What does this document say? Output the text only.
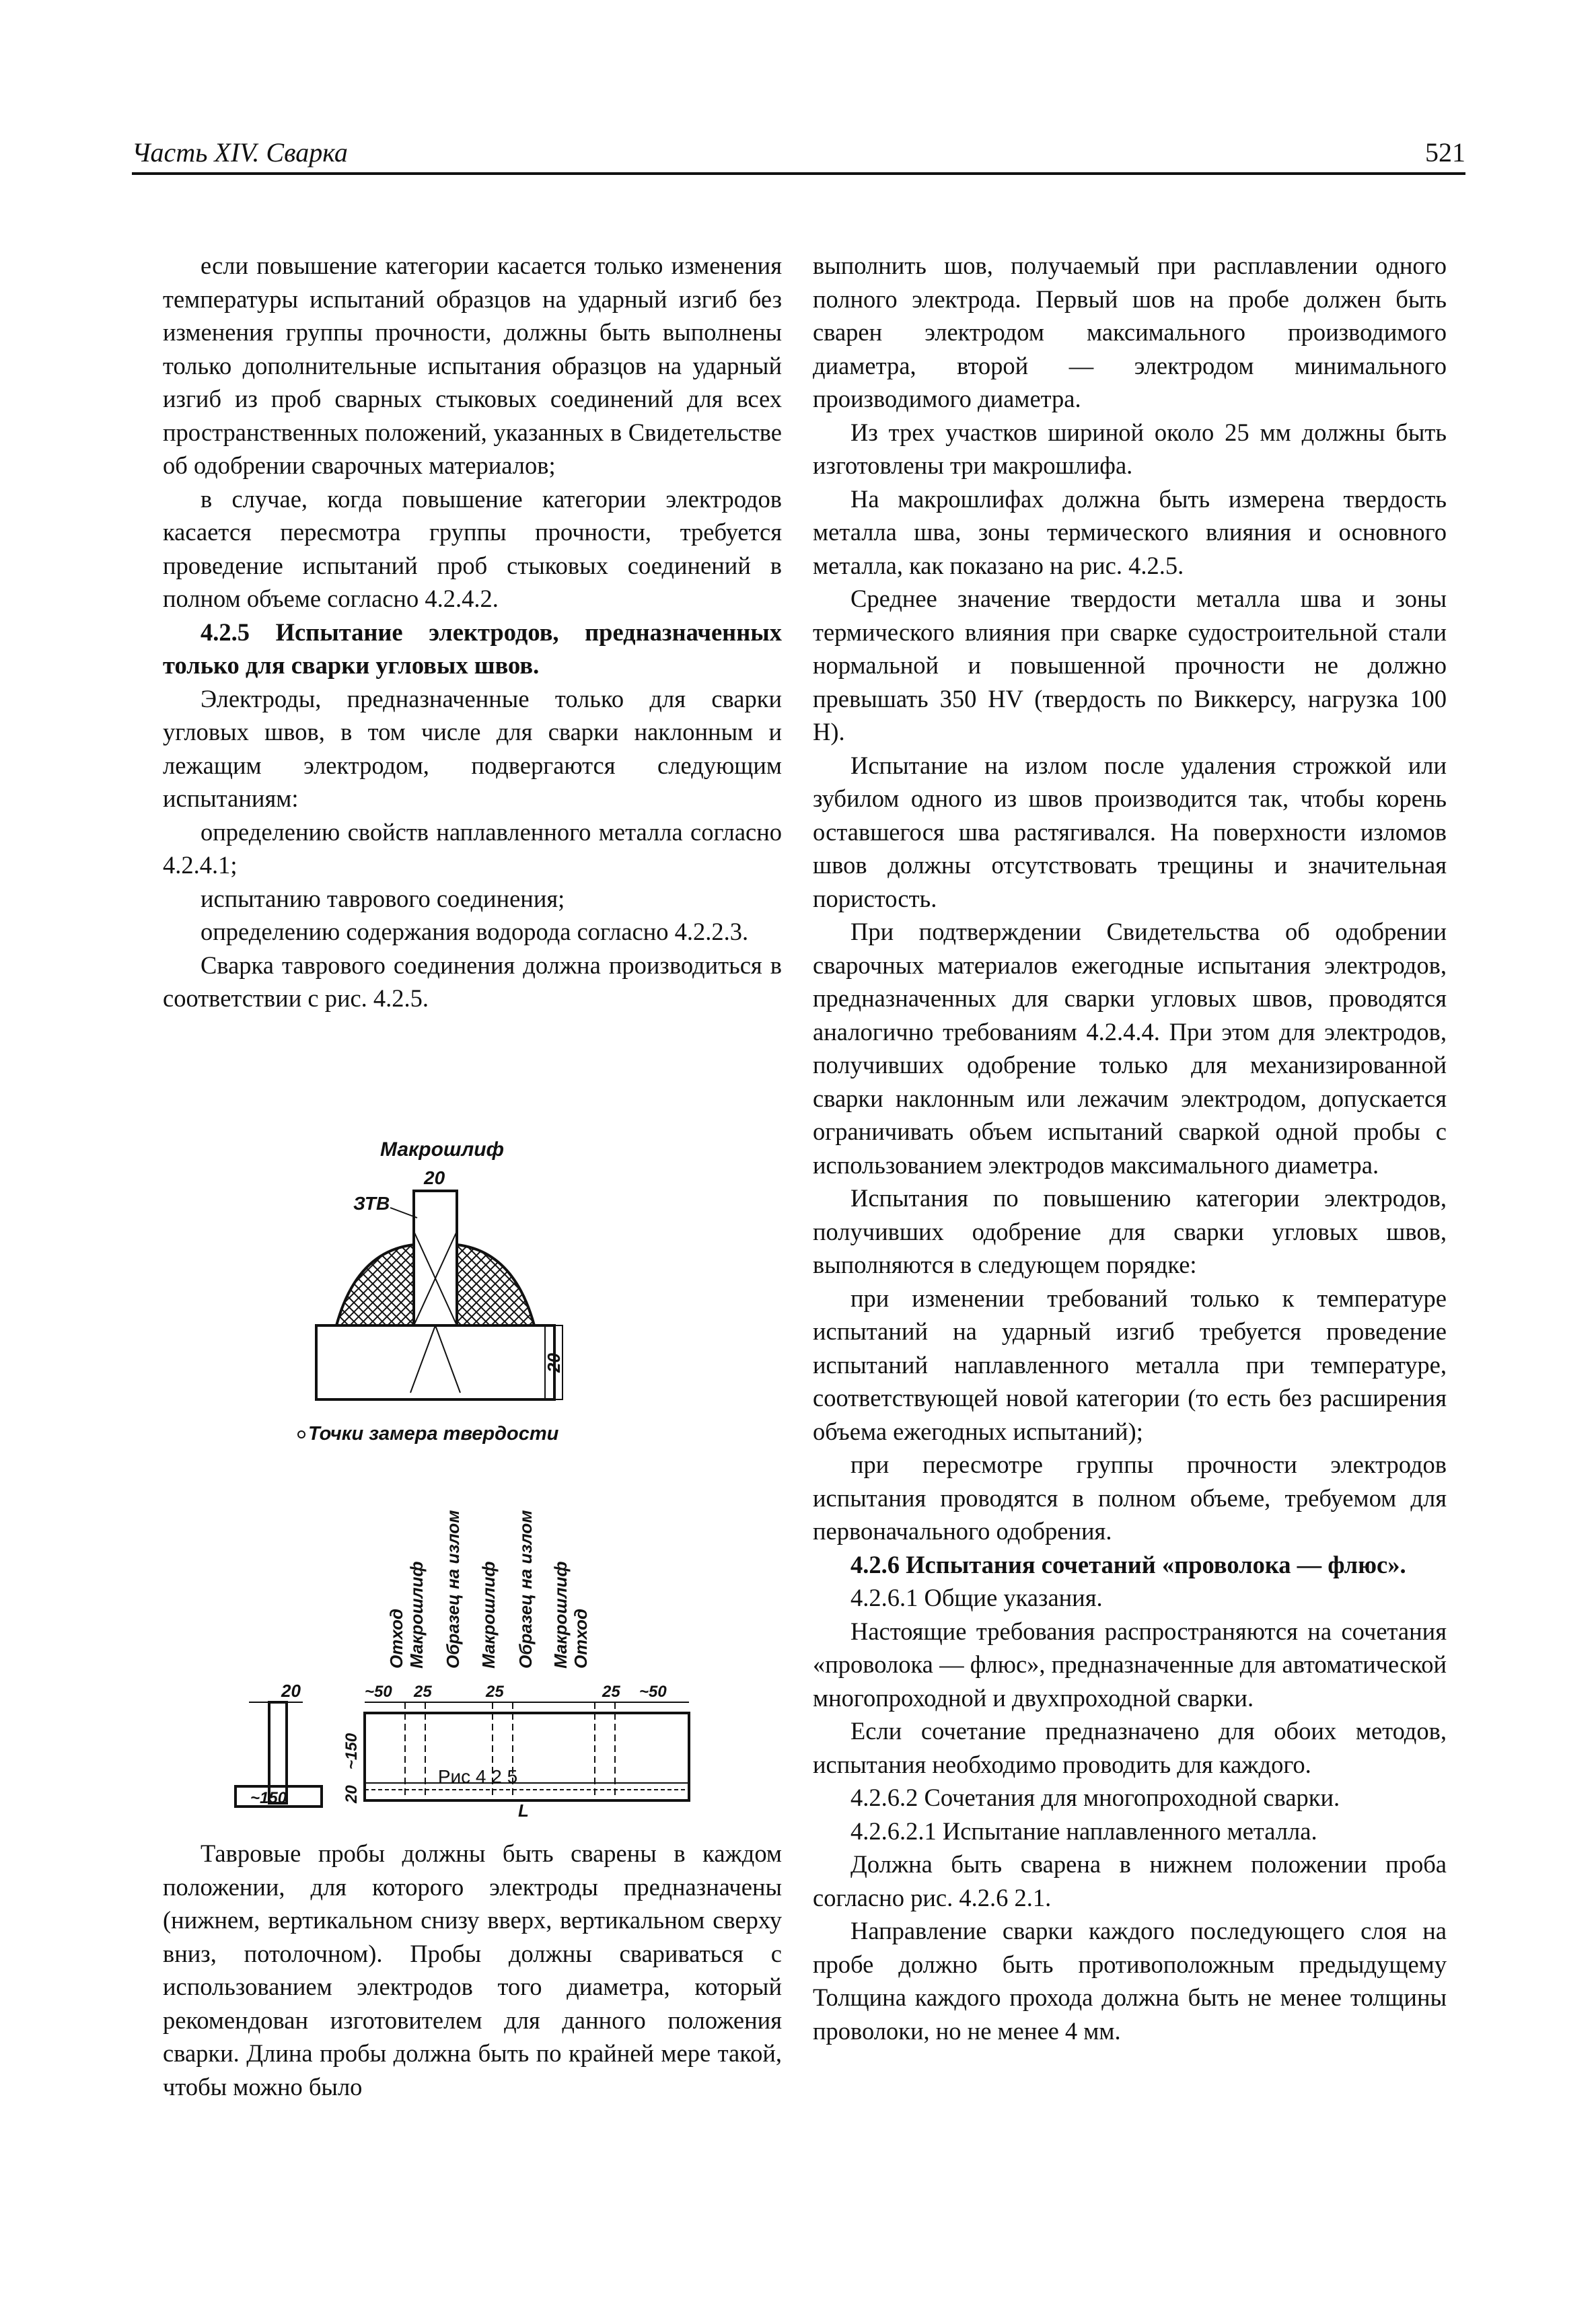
Часть XIV. Сварка	521

если повышение категории касается только изменения температуры испытаний образцов на ударный изгиб без изменения группы прочности, должны быть выполнены только дополнительные испытания образцов на ударный изгиб из проб сварных стыковых соединений для всех пространственных положений, указанных в Свидетельстве об одобрении сварочных материалов;

в случае, когда повышение категории электродов касается пересмотра группы прочности, требуется проведение испытаний проб стыковых соединений в полном объеме согласно 4.2.4.2.

4.2.5 Испытание электродов, предназначенных только для сварки угловых швов.

Электроды, предназначенные только для сварки угловых швов, в том числе для сварки наклонным и лежащим электродом, подвергаются следующим испытаниям:

определению свойств наплавленного металла согласно 4.2.4.1;

испытанию таврового соединения;

определению содержания водорода согласно 4.2.2.3.

Сварка таврового соединения должна производиться в соответствии с рис. 4.2.5.

Макрошлиф
20
ЗТВ
20
Точки замера твердости
Отход Макрошлиф Образец на излом Макрошлиф Образец на излом Макрошлиф Отход
20
~150
~50 25	25	25 ~50
~150
20
L
Рис 4 2 5

Тавровые пробы должны быть сварены в каждом положении, для которого электроды предназначены (нижнем, вертикальном снизу вверх, вертикальном сверху вниз, потолочном). Пробы должны свариваться с использованием электродов того диаметра, который рекомендован изготовителем для данного положения сварки. Длина пробы должна быть по крайней мере такой, чтобы можно было

выполнить шов, получаемый при расплавлении одного полного электрода. Первый шов на пробе должен быть сварен электродом максимального производимого диаметра, второй — электродом минимального производимого диаметра.

Из трех участков шириной около 25 мм должны быть изготовлены три макрошлифа.

На макрошлифах должна быть измерена твердость металла шва, зоны термического влияния и основного металла, как показано на рис. 4.2.5.

Среднее значение твердости металла шва и зоны термического влияния при сварке судостроительной стали нормальной и повышенной прочности не должно превышать 350 HV (твердость по Виккерсу, нагрузка 100 Н).

Испытание на излом после удаления строжкой или зубилом одного из швов производится так, чтобы корень оставшегося шва растягивался. На поверхности изломов швов должны отсутствовать трещины и значительная пористость.

При подтверждении Свидетельства об одобрении сварочных материалов ежегодные испытания электродов, предназначенных для сварки угловых швов, проводятся аналогично требованиям 4.2.4.4. При этом для электродов, получивших одобрение только для механизированной сварки наклонным или лежачим электродом, допускается ограничивать объем испытаний сваркой одной пробы с использованием электродов максимального диаметра.

Испытания по повышению категории электродов, получивших одобрение для сварки угловых швов, выполняются в следующем порядке:

при изменении требований только к температуре испытаний на ударный изгиб требуется проведение испытаний наплавленного металла при температуре, соответствующей новой категории (то есть без расширения объема ежегодных испытаний);

при пересмотре группы прочности электродов испытания проводятся в полном объеме, требуемом для первоначального одобрения.

4.2.6 Испытания сочетаний «проволока — флюс».

4.2.6.1 Общие указания.

Настоящие требования распространяются на сочетания «проволока — флюс», предназначенные для автоматической многопроходной и двухпроходной сварки.

Если сочетание предназначено для обоих методов, испытания необходимо проводить для каждого.

4.2.6.2 Сочетания для многопроходной сварки.

4.2.6.2.1 Испытание наплавленного металла.

Должна быть сварена в нижнем положении проба согласно рис. 4.2.6 2.1.

Направление сварки каждого последующего слоя на пробе должно быть противоположным предыдущему Толщина каждого прохода должна быть не менее толщины проволоки, но не менее 4 мм.
